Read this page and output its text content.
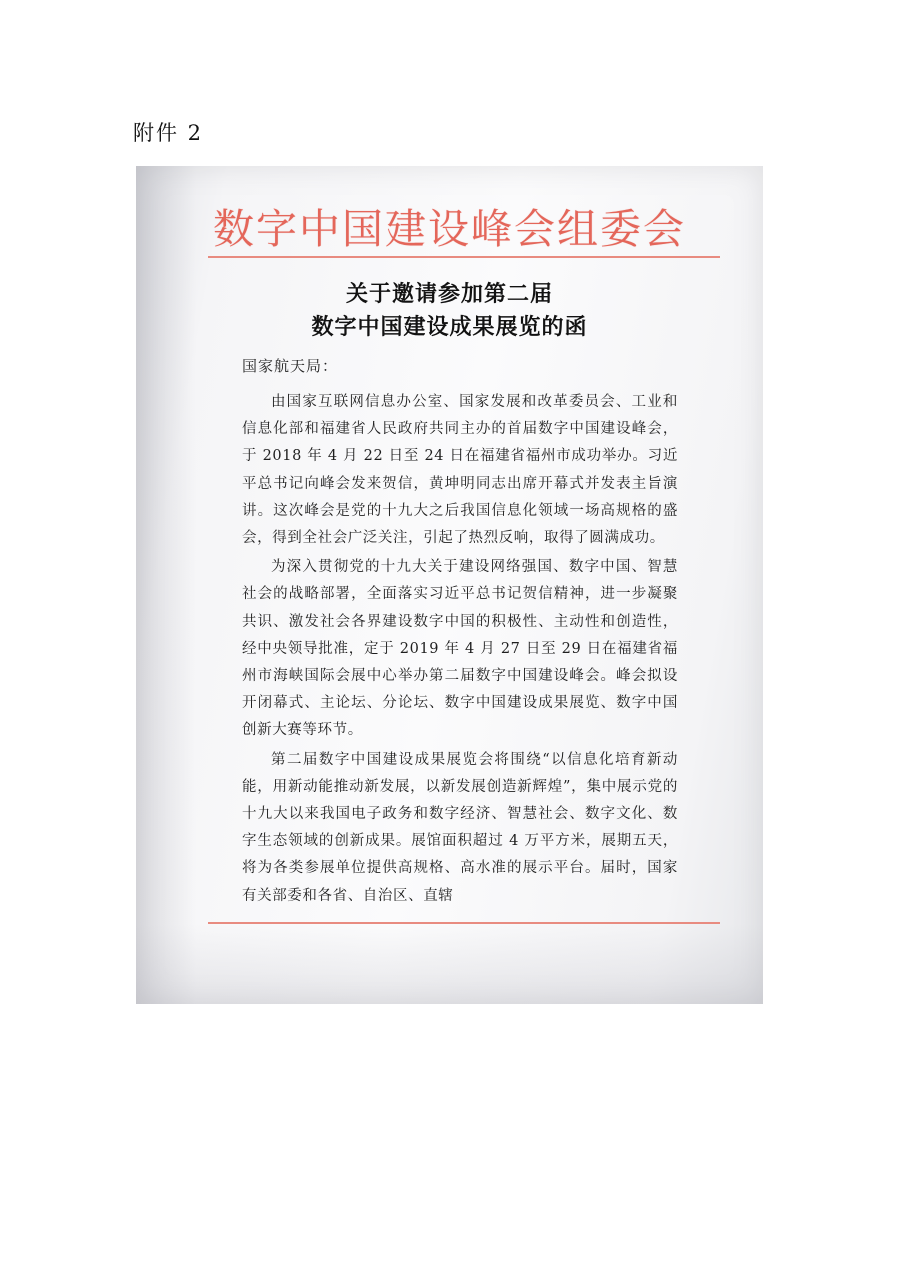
附件 2
数字中国建设峰会组委会
关于邀请参加第二届
数字中国建设成果展览的函
国家航天局：

由国家互联网信息办公室、国家发展和改革委员会、工业和信息化部和福建省人民政府共同主办的首届数字中国建设峰会，于 2018 年 4 月 22 日至 24 日在福建省福州市成功举办。习近平总书记向峰会发来贺信，黄坤明同志出席开幕式并发表主旨演讲。这次峰会是党的十九大之后我国信息化领域一场高规格的盛会，得到全社会广泛关注，引起了热烈反响，取得了圆满成功。

为深入贯彻党的十九大关于建设网络强国、数字中国、智慧社会的战略部署，全面落实习近平总书记贺信精神，进一步凝聚共识、激发社会各界建设数字中国的积极性、主动性和创造性，经中央领导批准，定于 2019 年 4 月 27 日至 29 日在福建省福州市海峡国际会展中心举办第二届数字中国建设峰会。峰会拟设开闭幕式、主论坛、分论坛、数字中国建设成果展览、数字中国创新大赛等环节。

第二届数字中国建设成果展览会将围绕“以信息化培育新动能，用新动能推动新发展，以新发展创造新辉煌”，集中展示党的十九大以来我国电子政务和数字经济、智慧社会、数字文化、数字生态领域的创新成果。展馆面积超过 4 万平方米，展期五天，将为各类参展单位提供高规格、高水准的展示平台。届时，国家有关部委和各省、自治区、直辖
